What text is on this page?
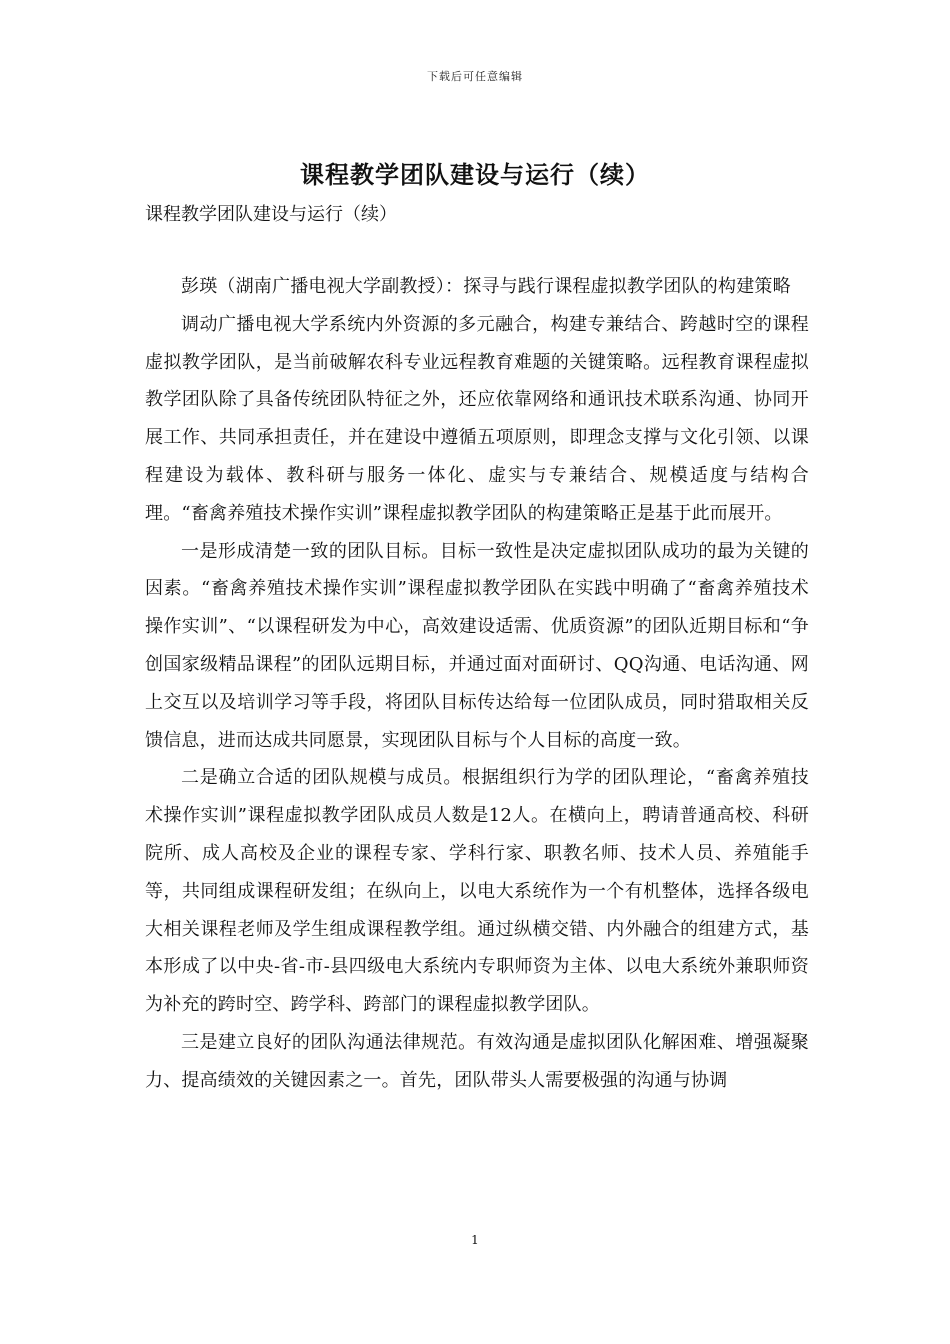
下载后可任意编辑
课程教学团队建设与运行（续）

课程教学团队建设与运行（续）

彭瑛（湖南广播电视大学副教授）：探寻与践行课程虚拟教学团队的构建策略

调动广播电视大学系统内外资源的多元融合，构建专兼结合、跨越时空的课程虚拟教学团队，是当前破解农科专业远程教育难题的关键策略。远程教育课程虚拟教学团队除了具备传统团队特征之外，还应依靠网络和通讯技术联系沟通、协同开展工作、共同承担责任，并在建设中遵循五项原则，即理念支撑与文化引领、以课程建设为载体、教科研与服务一体化、虚实与专兼结合、规模适度与结构合理。“畜禽养殖技术操作实训”课程虚拟教学团队的构建策略正是基于此而展开。

一是形成清楚一致的团队目标。目标一致性是决定虚拟团队成功的最为关键的因素。“畜禽养殖技术操作实训”课程虚拟教学团队在实践中明确了“畜禽养殖技术操作实训”、“以课程研发为中心，高效建设适需、优质资源”的团队近期目标和“争创国家级精品课程”的团队远期目标，并通过面对面研讨、QQ沟通、电话沟通、网上交互以及培训学习等手段，将团队目标传达给每一位团队成员，同时猎取相关反馈信息，进而达成共同愿景，实现团队目标与个人目标的高度一致。

二是确立合适的团队规模与成员。根据组织行为学的团队理论，“畜禽养殖技术操作实训”课程虚拟教学团队成员人数是12人。在横向上，聘请普通高校、科研院所、成人高校及企业的课程专家、学科行家、职教名师、技术人员、养殖能手等，共同组成课程研发组；在纵向上，以电大系统作为一个有机整体，选择各级电大相关课程老师及学生组成课程教学组。通过纵横交错、内外融合的组建方式，基本形成了以中央-省-市-县四级电大系统内专职师资为主体、以电大系统外兼职师资为补充的跨时空、跨学科、跨部门的课程虚拟教学团队。

三是建立良好的团队沟通法律规范。有效沟通是虚拟团队化解困难、增强凝聚力、提高绩效的关键因素之一。首先，团队带头人需要极强的沟通与协调

1
